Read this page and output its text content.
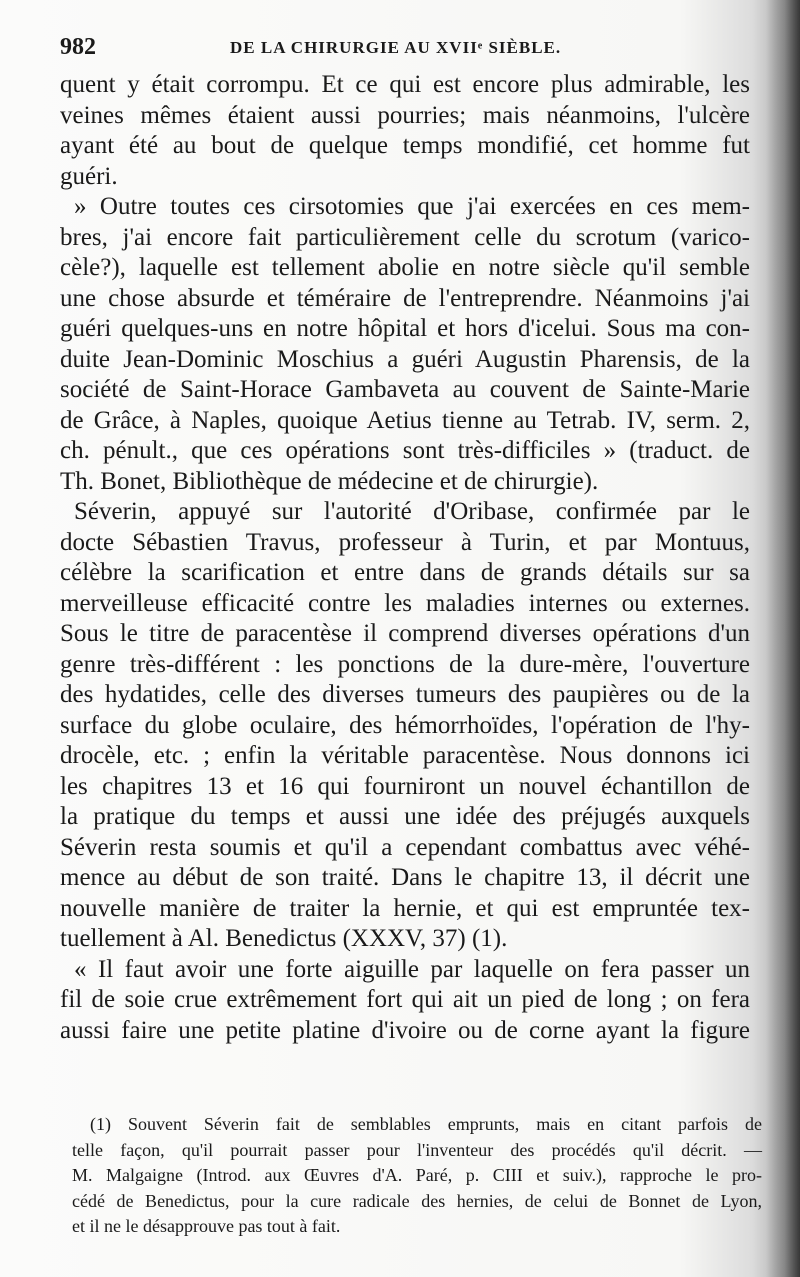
982	DE LA CHIRURGIE AU XVIIᵉ SIÈBLE.
quent y était corrompu. Et ce qui est encore plus admirable, les
veines mêmes étaient aussi pourries; mais néanmoins, l'ulcère
ayant été au bout de quelque temps mondifié, cet homme fut
guéri.
» Outre toutes ces cirsotomies que j'ai exercées en ces mem-
bres, j'ai encore fait particulièrement celle du scrotum (varico-
cèle?), laquelle est tellement abolie en notre siècle qu'il semble
une chose absurde et téméraire de l'entreprendre. Néanmoins j'ai
guéri quelques-uns en notre hôpital et hors d'icelui. Sous ma con-
duite Jean-Dominic Moschius a guéri Augustin Pharensis, de la
société de Saint-Horace Gambaveta au couvent de Sainte-Marie
de Grâce, à Naples, quoique Aetius tienne au Tetrab. IV, serm. 2,
ch. pénult., que ces opérations sont très-difficiles » (traduct. de
Th. Bonet, Bibliothèque de médecine et de chirurgie).
Séverin, appuyé sur l'autorité d'Oribase, confirmée par le
docte Sébastien Travus, professeur à Turin, et par Montuus,
célèbre la scarification et entre dans de grands détails sur sa
merveilleuse efficacité contre les maladies internes ou externes.
Sous le titre de paracentèse il comprend diverses opérations d'un
genre très-différent : les ponctions de la dure-mère, l'ouverture
des hydatides, celle des diverses tumeurs des paupières ou de la
surface du globe oculaire, des hémorrhoïdes, l'opération de l'hy-
drocèle, etc. ; enfin la véritable paracentèse. Nous donnons ici
les chapitres 13 et 16 qui fourniront un nouvel échantillon de
la pratique du temps et aussi une idée des préjugés auxquels
Séverin resta soumis et qu'il a cependant combattus avec véhé-
mence au début de son traité. Dans le chapitre 13, il décrit une
nouvelle manière de traiter la hernie, et qui est empruntée tex-
tuellement à Al. Benedictus (XXXV, 37) (1).
« Il faut avoir une forte aiguille par laquelle on fera passer un
fil de soie crue extrêmement fort qui ait un pied de long ; on fera
aussi faire une petite platine d'ivoire ou de corne ayant la figure
(1) Souvent Séverin fait de semblables emprunts, mais en citant parfois de
telle façon, qu'il pourrait passer pour l'inventeur des procédés qu'il décrit. —
M. Malgaigne (Introd. aux Œuvres d'A. Paré, p. CIII et suiv.), rapproche le pro-
cédé de Benedictus, pour la cure radicale des hernies, de celui de Bonnet de Lyon,
et il ne le désapprouve pas tout à fait.
